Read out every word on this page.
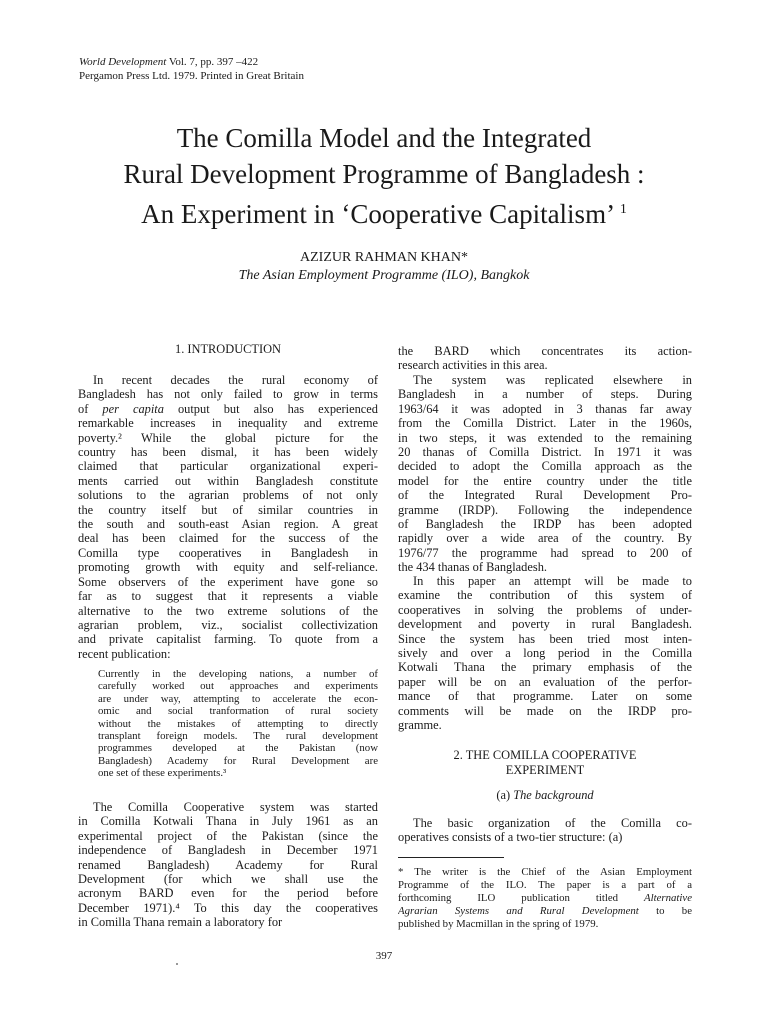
World Development Vol. 7, pp. 397 –422
Pergamon Press Ltd. 1979. Printed in Great Britain
The Comilla Model and the Integrated
Rural Development Programme of Bangladesh :
An Experiment in ‘Cooperative Capitalism’ $^1$
AZIZUR RAHMAN KHAN*
The Asian Employment Programme (ILO), Bangkok
1. INTRODUCTION
In recent decades the rural economy of
Bangladesh has not only failed to grow in terms
of per capita output but also has experienced
remarkable increases in inequality and extreme
poverty.² While the global picture for the
country has been dismal, it has been widely
claimed that particular organizational experi-
ments carried out within Bangladesh constitute
solutions to the agrarian problems of not only
the country itself but of similar countries in
the south and south-east Asian region. A great
deal has been claimed for the success of the
Comilla type cooperatives in Bangladesh in
promoting growth with equity and self-reliance.
Some observers of the experiment have gone so
far as to suggest that it represents a viable
alternative to the two extreme solutions of the
agrarian problem, viz., socialist collectivization
and private capitalist farming. To quote from a
recent publication:
Currently in the developing nations, a number of
carefully worked out approaches and experiments
are under way, attempting to accelerate the econ-
omic and social tranformation of rural society
without the mistakes of attempting to directly
transplant foreign models. The rural development
programmes developed at the Pakistan (now
Bangladesh) Academy for Rural Development are
one set of these experiments.³
The Comilla Cooperative system was started
in Comilla Kotwali Thana in July 1961 as an
experimental project of the Pakistan (since the
independence of Bangladesh in December 1971
renamed Bangladesh) Academy for Rural
Development (for which we shall use the
acronym BARD even for the period before
December 1971).⁴ To this day the cooperatives
in Comilla Thana remain a laboratory for
the BARD which concentrates its action-
research activities in this area.
The system was replicated elsewhere in
Bangladesh in a number of steps. During
1963/64 it was adopted in 3 thanas far away
from the Comilla District. Later in the 1960s,
in two steps, it was extended to the remaining
20 thanas of Comilla District. In 1971 it was
decided to adopt the Comilla approach as the
model for the entire country under the title
of the Integrated Rural Development Pro-
gramme (IRDP). Following the independence
of Bangladesh the IRDP has been adopted
rapidly over a wide area of the country. By
1976/77 the programme had spread to 200 of
the 434 thanas of Bangladesh.
In this paper an attempt will be made to
examine the contribution of this system of
cooperatives in solving the problems of under-
development and poverty in rural Bangladesh.
Since the system has been tried most inten-
sively and over a long period in the Comilla
Kotwali Thana the primary emphasis of the
paper will be on an evaluation of the perfor-
mance of that programme. Later on some
comments will be made on the IRDP pro-
gramme.
2. THE COMILLA COOPERATIVE
EXPERIMENT
(a) The background
The basic organization of the Comilla co-
operatives consists of a two-tier structure: (a)
* The writer is the Chief of the Asian Employment
Programme of the ILO. The paper is a part of a
forthcoming ILO publication titled Alternative
Agrarian Systems and Rural Development to be
published by Macmillan in the spring of 1979.
397
